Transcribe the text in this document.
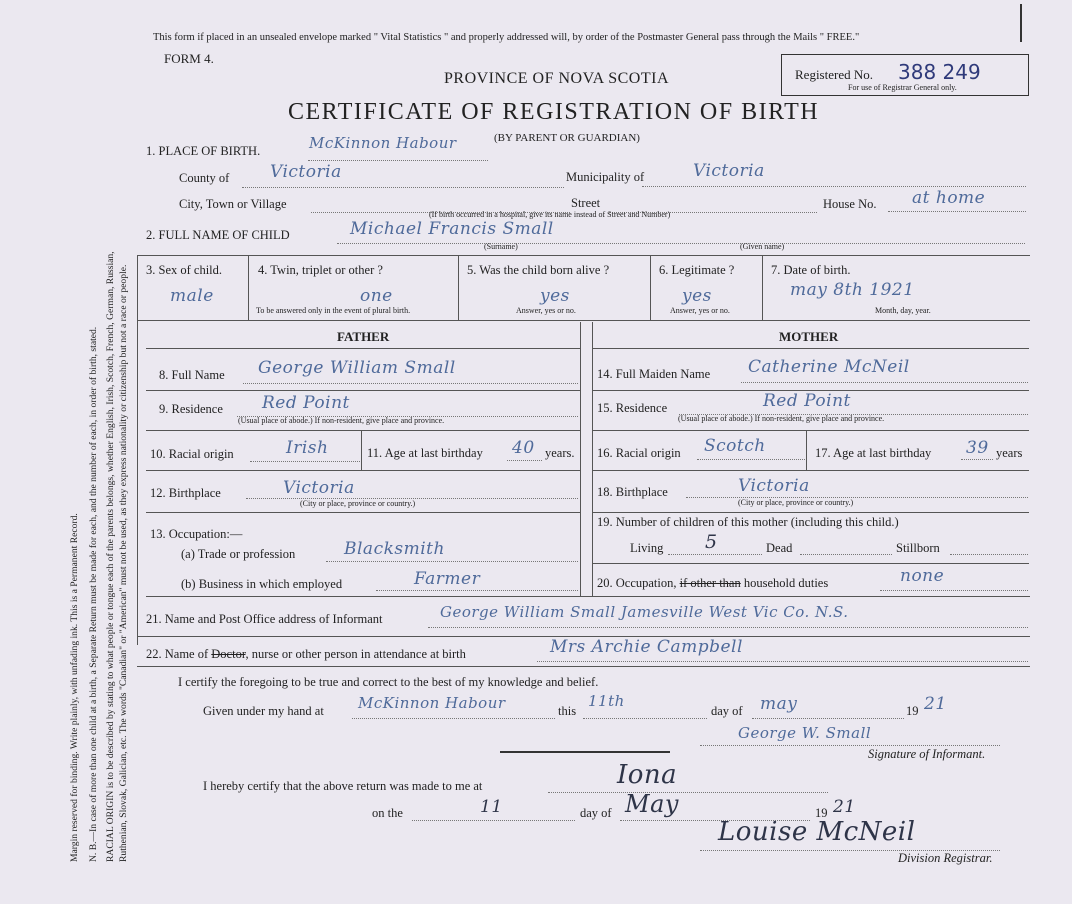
Margin reserved for binding. Write plainly, with unfading ink. This is a Permanent Record. N. B.—In case of more than one child at a birth, a Separate Return must be made for each, and the number of each, in order of birth, stated. RACIAL ORIGIN is to be described by stating to what people or tongue each of the parents belongs, whether English, Irish, Scotch, French, German, Russian, Ruthenian, Slovak, Galician, etc. The words "Canadian" or "American" must not be used, as they express nationality or citizenship but not a race or people.
This form if placed in an unsealed envelope marked " Vital Statistics " and properly addressed will, by order of the Postmaster General pass through the Mails " FREE."
FORM 4.
PROVINCE OF NOVA SCOTIA
CERTIFICATE OF REGISTRATION OF BIRTH
(BY PARENT OR GUARDIAN)
Registered No. 388 249
For use of Registrar General only.
1. PLACE OF BIRTH.	McKinnon Habour
County of Victoria	Municipality of	Victoria
City, Town or Village	Street	House No. at home
(If birth occurred in a hospital, give its name instead of Street and Number)
2. FULL NAME OF CHILD	Michael Francis Small
(Surname)	(Given name)
3. Sex of child.
male
4. Twin, triplet or other ?
one
To be answered only in the event of plural birth.
5. Was the child born alive ?
yes
Answer, yes or no.
6. Legitimate ?
yes
Answer, yes or no.
7. Date of birth.
may 8th 1921
Month, day, year.
FATHER	MOTHER
8. Full Name George William Small
9. Residence Red Point
(Usual place of abode.) If non-resident, give place and province.
10. Racial origin	Irish	11. Age at last birthday 40 years.
12. Birthplace	Victoria
(City or place, province or country.)
13. Occupation:—
(a) Trade or profession	Blacksmith
(b) Business in which employed	Farmer
14. Full Maiden Name Catherine McNeil
15. Residence	Red Point
(Usual place of abode.) If non-resident, give place and province.
16. Racial origin Scotch	17. Age at last birthday 39 years
18. Birthplace	Victoria
(City or place, province or country.)
19. Number of children of this mother (including this child.)
Living 5	Dead	Stillborn
20. Occupation, if other than household duties	none
21. Name and Post Office address of Informant	George William Small Jamesville West Vic Co. N.S.
22. Name of Doctor, nurse or other person in attendance at birth	Mrs Archie Campbell
I certify the foregoing to be true and correct to the best of my knowledge and belief.
Given under my hand at McKinnon Habour	this
11th
day of may	19 21
George W. Small
Signature of Informant.
I hereby certify that the above return was made to me at	Iona
on the	11	day of May	19 21
Louise McNeil
Division Registrar.
